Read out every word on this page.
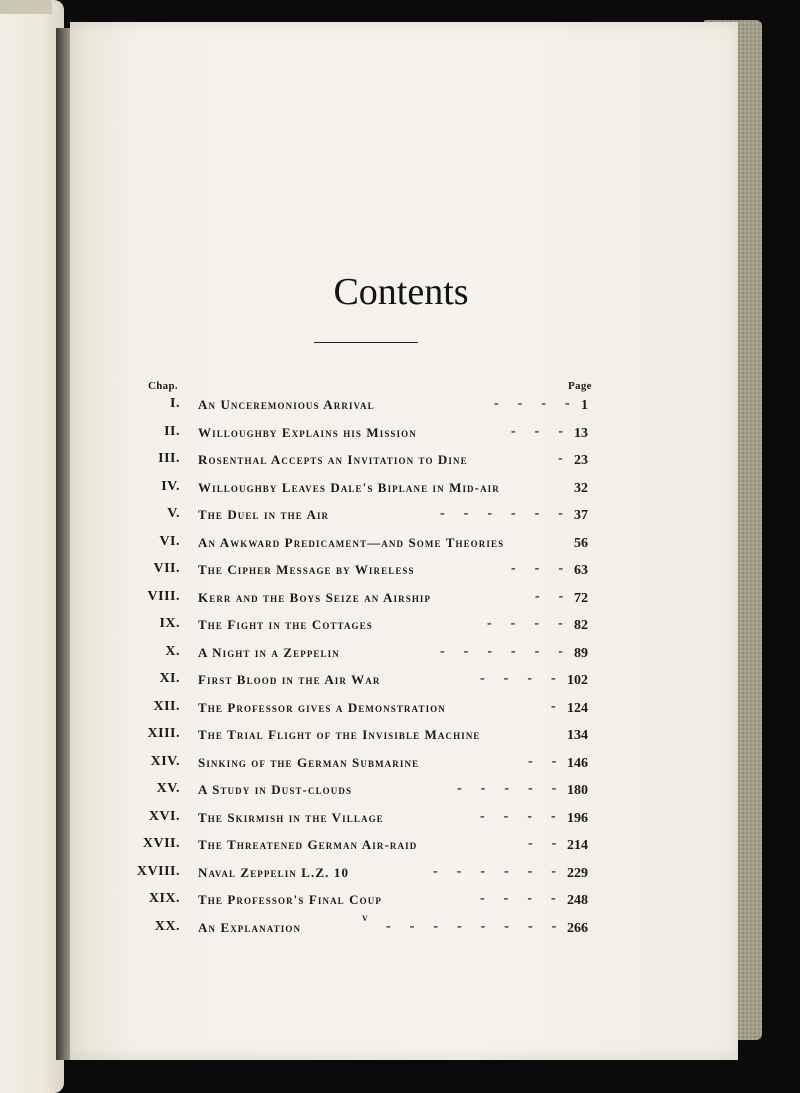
Contents
Chap.	Page
I. An Unceremonious Arrival	-    -    -    - 1
II. Willoughby Explains his Mission	-    -    - 13
III. Rosenthal Accepts an Invitation to Dine	- 23
IV. Willoughby Leaves Dale's Biplane in Mid-air	32
V. The Duel in the Air	-    -    -    -    -    - 37
VI. An Awkward Predicament—and Some Theories	56
VII. The Cipher Message by Wireless	-    -    - 63
VIII. Kerr and the Boys Seize an Airship	-    - 72
IX. The Fight in the Cottages	-    -    -    - 82
X. A Night in a Zeppelin	-    -    -    -    -    - 89
XI. First Blood in the Air War	-    -    -    - 102
XII. The Professor gives a Demonstration	- 124
XIII. The Trial Flight of the Invisible Machine	134
XIV. Sinking of the German Submarine	-    - 146
XV. A Study in Dust-clouds	-    -    -    -    - 180
XVI. The Skirmish in the Village	-    -    -    - 196
XVII. The Threatened German Air-raid	-    - 214
XVIII. Naval Zeppelin L.Z. 10	-    -    -    -    -    - 229
XIX. The Professor's Final Coup	-    -    -    - 248
XX. An Explanation	-    -    -    -    -    -    -    - 266
v
